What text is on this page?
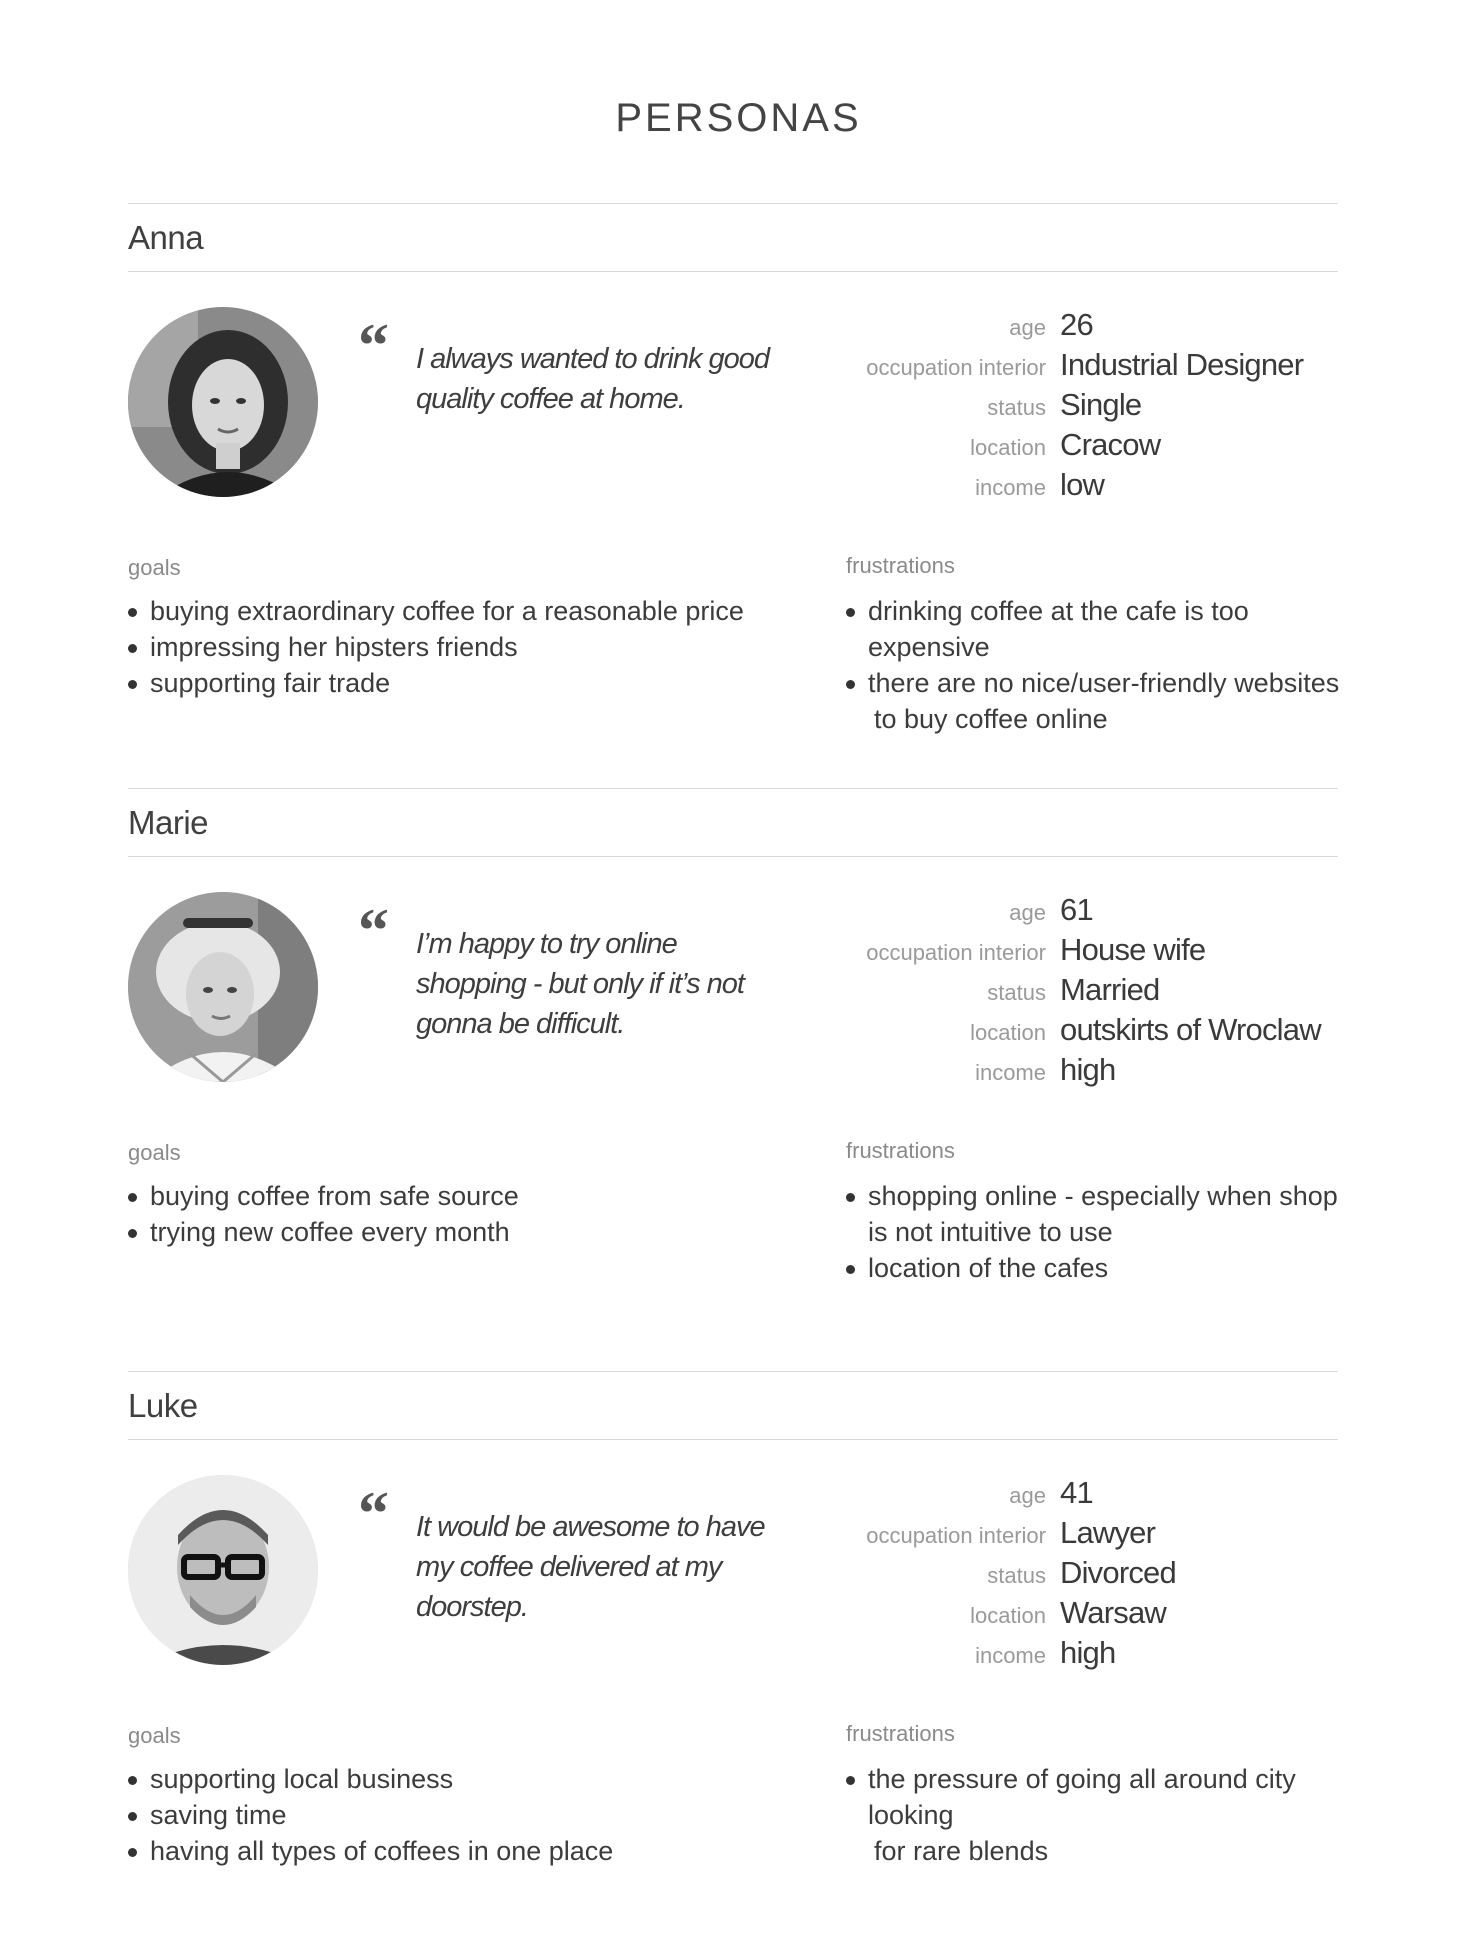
PERSONAS
Anna
“ I always wanted to drink good quality coffee at home.
age 26
occupation interior Industrial Designer
status Single
location Cracow
income low
goals
buying extraordinary coffee for a reasonable price
impressing her hipsters friends
supporting fair trade
frustrations
drinking coffee at the cafe is too expensive
there are no nice/user-friendly websites
to buy coffee online
Marie
“ I’m happy to try online shopping - but only if it’s not gonna be difficult.
age 61
occupation interior House wife
status Married
location outskirts of Wroclaw
income high
goals
buying coffee from safe source
trying new coffee every month
frustrations
shopping online - especially when shop
is not intuitive to use
location of the cafes
Luke
“ It would be awesome to have my coffee delivered at my doorstep.
age 41
occupation interior Lawyer
status Divorced
location Warsaw
income high
goals
supporting local business
saving time
having all types of coffees in one place
frustrations
the pressure of going all around city looking
for rare blends
